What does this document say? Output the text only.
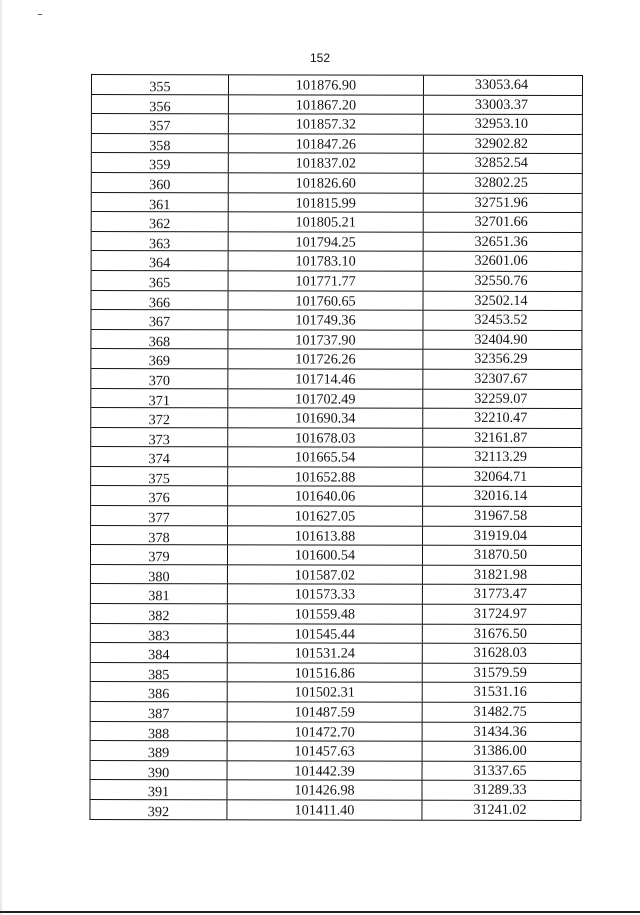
152
355	101876.90	33053.64
356	101867.20	33003.37
357	101857.32	32953.10
358	101847.26	32902.82
359	101837.02	32852.54
360	101826.60	32802.25
361	101815.99	32751.96
362	101805.21	32701.66
363	101794.25	32651.36
364	101783.10	32601.06
365	101771.77	32550.76
366	101760.65	32502.14
367	101749.36	32453.52
368	101737.90	32404.90
369	101726.26	32356.29
370	101714.46	32307.67
371	101702.49	32259.07
372	101690.34	32210.47
373	101678.03	32161.87
374	101665.54	32113.29
375	101652.88	32064.71
376	101640.06	32016.14
377	101627.05	31967.58
378	101613.88	31919.04
379	101600.54	31870.50
380	101587.02	31821.98
381	101573.33	31773.47
382	101559.48	31724.97
383	101545.44	31676.50
384	101531.24	31628.03
385	101516.86	31579.59
386	101502.31	31531.16
387	101487.59	31482.75
388	101472.70	31434.36
389	101457.63	31386.00
390	101442.39	31337.65
391	101426.98	31289.33
392	101411.40	31241.02
